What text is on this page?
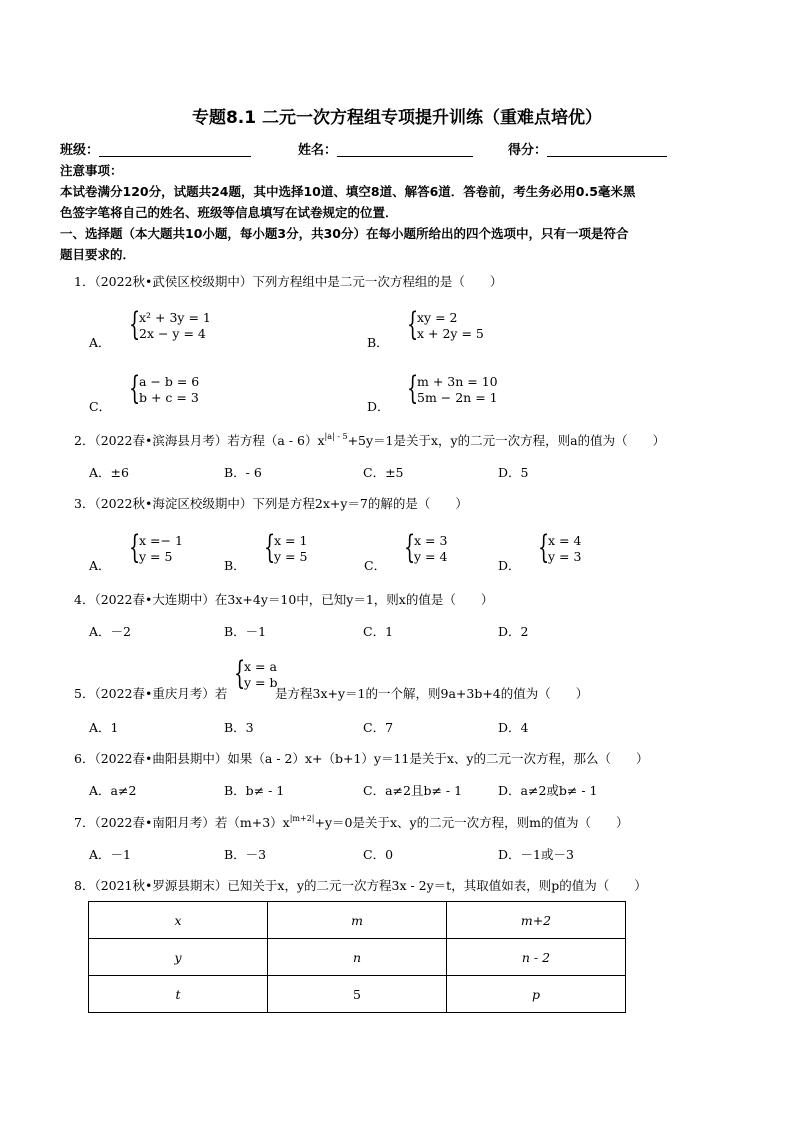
专题8.1 二元一次方程组专项提升训练（重难点培优）
班级：	姓名：	得分：
注意事项：
本试卷满分120分，试题共24题，其中选择10道、填空8道、解答6道．答卷前，考生务必用0.5毫米黑
色签字笔将自己的姓名、班级等信息填写在试卷规定的位置．
一、选择题（本大题共10小题，每小题3分，共30分）在每小题所给出的四个选项中，只有一项是符合
题目要求的．
1．（2022秋•武侯区校级期中）下列方程组中是二元一次方程组的是（　　）
A． {
x² + 3y = 1
2x − y = 4
B． {
xy = 2
x + 2y = 5
C． {
a − b = 6
b + c = 3
D． {
m + 3n = 10
5m − 2n = 1
2．（2022春•滨海县月考）若方程$(a - 6)x^{|a| - 5}+5y=1$是关于x，y的二元一次方程，则a的值为（　　）
A．±6	B．- 6	C．±5	D．5
3．（2022秋•海淀区校级期中）下列是方程2x+y＝7的解的是（　　）
A． {
x =− 1
y = 5
B． {
x = 1
y = 5
C． {
x = 3
y = 4
D． {
x = 4
y = 3
4．（2022春•大连期中）在3x+4y＝10中，已知y＝1，则x的值是（　　）
A．－2	B．－1	C．1	D．2
5．（2022春•重庆月考）若
{
x = a
y = b
是方程3x+y＝1的一个解，则9a+3b+4的值为（　　）
A．1	B．3	C．7	D．4
6．（2022春•曲阳县期中）如果（a - 2）x+（b+1）y＝11是关于x、y的二元一次方程，那么（　　）
A．a≠2	B．b≠ - 1	C．a≠2且b≠ - 1	D．a≠2或b≠ - 1
7．（2022春•南阳月考）若$(m+3)x^{|m+2|}+y=0$是关于x、y的二元一次方程，则m的值为（　　）
A．－1	B．－3	C．0	D．－1或－3
8．（2021秋•罗源县期末）已知关于x，y的二元一次方程3x - 2y＝t，其取值如表，则p的值为（　　）
x	m	m+2
y	n	n - 2
t	5	p
